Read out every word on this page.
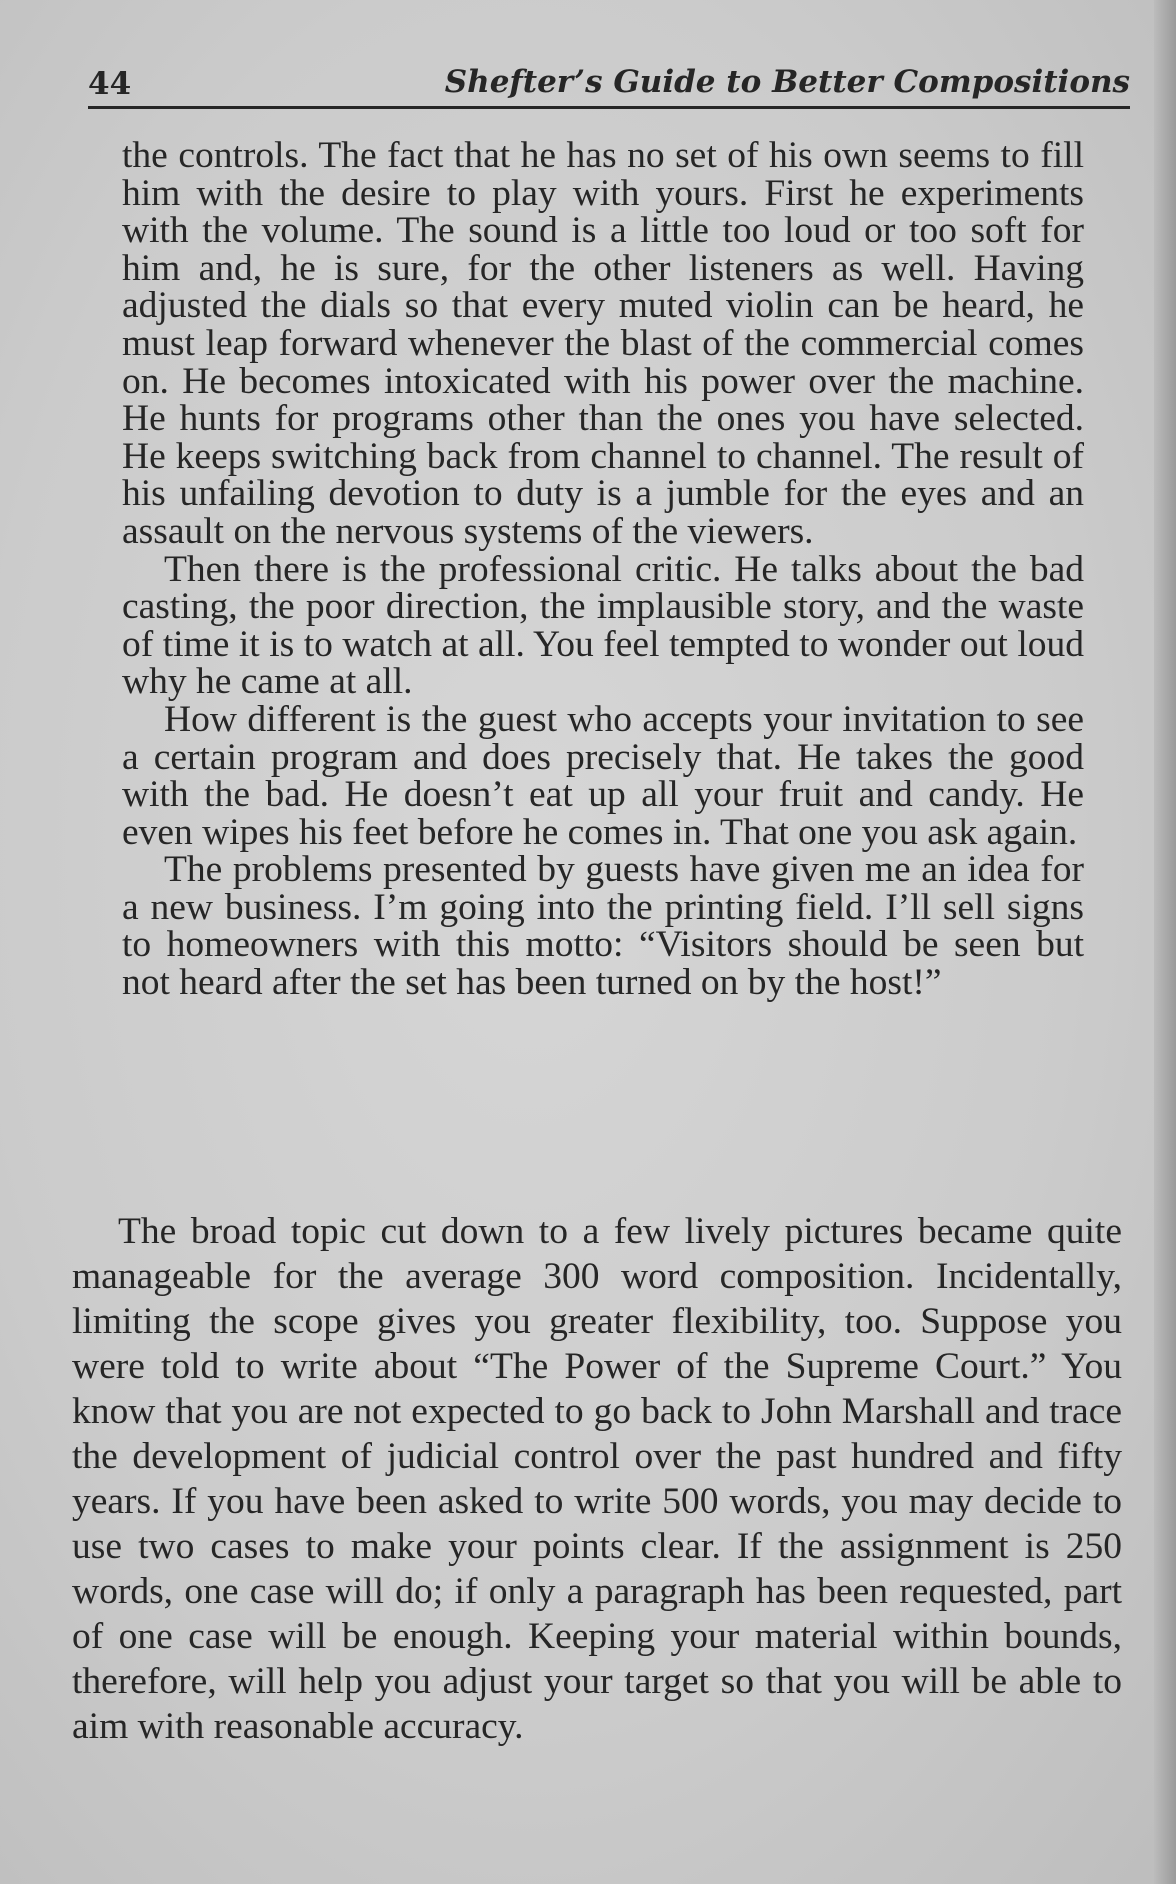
44	Shefter’s Guide to Better Compositions

the controls. The fact that he has no set of his own seems to fill him with the desire to play with yours. First he experiments with the volume. The sound is a little too loud or too soft for him and, he is sure, for the other listeners as well. Having adjusted the dials so that every muted violin can be heard, he must leap forward whenever the blast of the commercial comes on. He becomes intoxicated with his power over the machine. He hunts for programs other than the ones you have selected. He keeps switching back from channel to channel. The result of his unfailing devotion to duty is a jumble for the eyes and an assault on the nervous systems of the viewers.

Then there is the professional critic. He talks about the bad casting, the poor direction, the implausible story, and the waste of time it is to watch at all. You feel tempted to wonder out loud why he came at all.

How different is the guest who accepts your invitation to see a certain program and does precisely that. He takes the good with the bad. He doesn’t eat up all your fruit and candy. He even wipes his feet before he comes in. That one you ask again.

The problems presented by guests have given me an idea for a new business. I’m going into the printing field. I’ll sell signs to homeowners with this motto: “Visitors should be seen but not heard after the set has been turned on by the host!”

The broad topic cut down to a few lively pictures became quite manageable for the average 300 word composition. Incidentally, limiting the scope gives you greater flexibility, too. Suppose you were told to write about “The Power of the Supreme Court.” You know that you are not expected to go back to John Marshall and trace the development of judicial control over the past hundred and fifty years. If you have been asked to write 500 words, you may decide to use two cases to make your points clear. If the assignment is 250 words, one case will do; if only a paragraph has been requested, part of one case will be enough. Keeping your material within bounds, therefore, will help you adjust your target so that you will be able to aim with reasonable accuracy.
